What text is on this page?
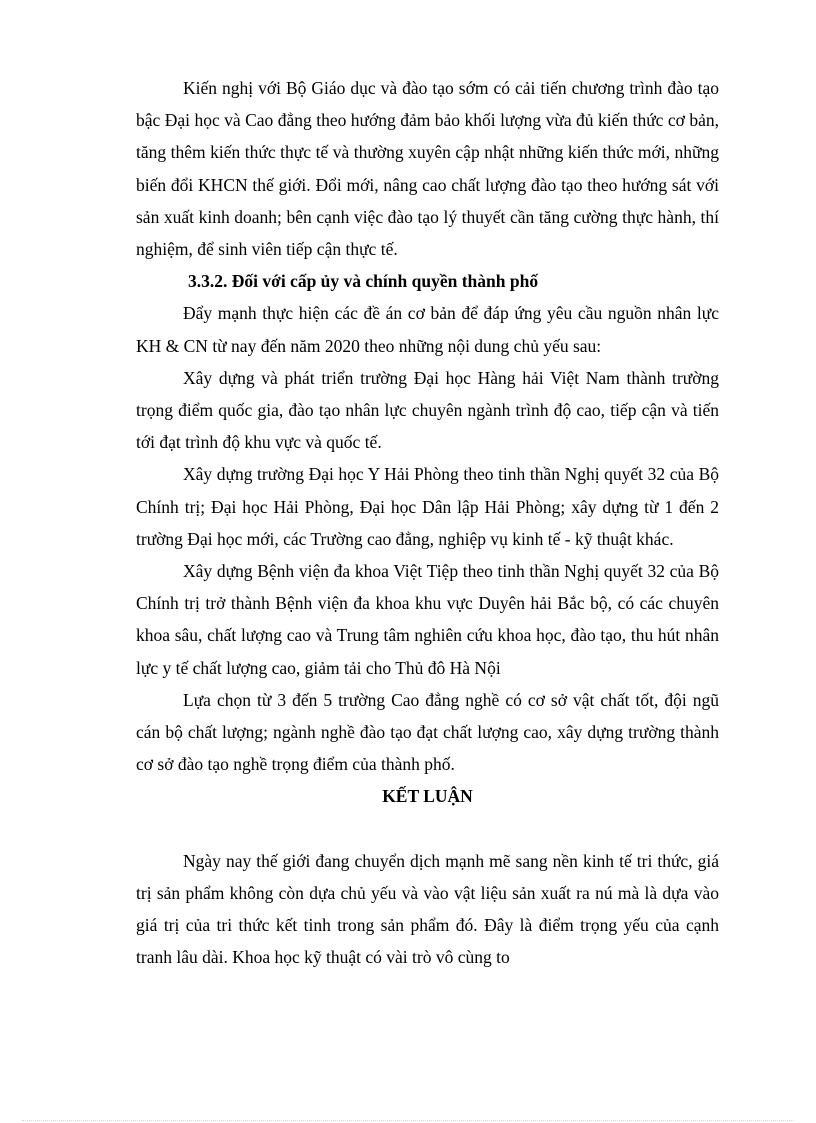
Kiến nghị với Bộ Giáo dục và đào tạo sớm có cải tiến chương trình đào tạo bậc Đại học và Cao đẳng theo hướng đảm bảo khối lượng vừa đủ kiến thức cơ bản, tăng thêm kiến thức thực tế và thường xuyên cập nhật những kiến thức mới, những biến đổi KHCN thế giới. Đổi mới, nâng cao chất lượng đào tạo theo hướng sát với sản xuất kinh doanh; bên cạnh việc đào tạo lý thuyết cần tăng cường thực hành, thí nghiệm, để sinh viên tiếp cận thực tế.

3.3.2. Đối với cấp ủy và chính quyền thành phố

Đẩy mạnh thực hiện các đề án cơ bản để đáp ứng yêu cầu nguồn nhân lực KH & CN từ nay đến năm 2020 theo những nội dung chủ yếu sau:

Xây dựng và phát triển trường Đại học Hàng hải Việt Nam thành trường trọng điểm quốc gia, đào tạo nhân lực chuyên ngành trình độ cao, tiếp cận và tiến tới đạt trình độ khu vực và quốc tế.

Xây dựng trường Đại học Y Hải Phòng theo tinh thần Nghị quyết 32 của Bộ Chính trị; Đại học Hải Phòng, Đại học Dân lập Hải Phòng; xây dựng từ 1 đến 2 trường Đại học mới, các Trường cao đẳng, nghiệp vụ kinh tế - kỹ thuật khác.

Xây dựng Bệnh viện đa khoa Việt Tiệp theo tinh thần Nghị quyết 32 của Bộ Chính trị trở thành Bệnh viện đa khoa khu vực Duyên hải Bắc bộ, có các chuyên khoa sâu, chất lượng cao và Trung tâm nghiên cứu khoa học, đào tạo, thu hút nhân lực y tế chất lượng cao, giảm tải cho Thủ đô Hà Nội

Lựa chọn từ 3 đến 5 trường Cao đẳng nghề có cơ sở vật chất tốt, đội ngũ cán bộ chất lượng; ngành nghề đào tạo đạt chất lượng cao, xây dựng trường thành cơ sở đào tạo nghề trọng điểm của thành phố.

KẾT LUẬN

Ngày nay thế giới đang chuyển dịch mạnh mẽ sang nền kinh tế tri thức, giá trị sản phẩm không còn dựa chủ yếu và vào vật liệu sản xuất ra nú mà là dựa vào giá trị của tri thức kết tinh trong sản phẩm đó. Đây là điểm trọng yếu của cạnh tranh lâu dài. Khoa học kỹ thuật có vài trò vô cùng to
